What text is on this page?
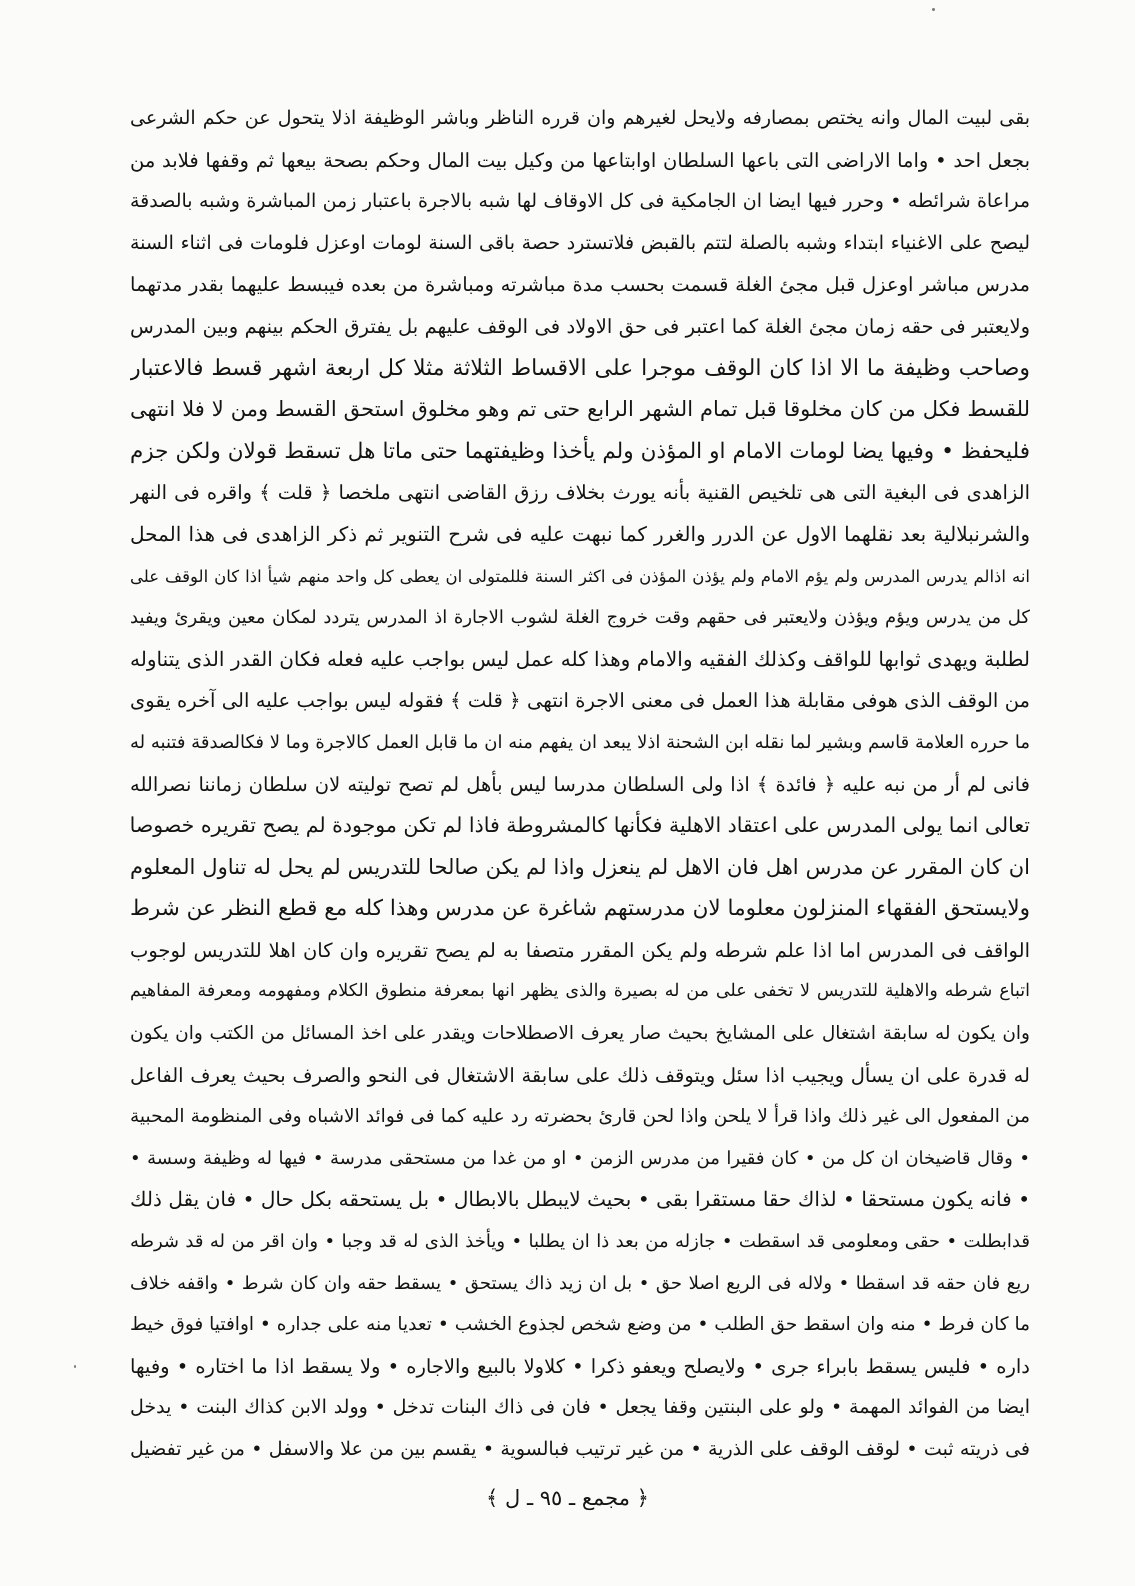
بقى لبيت المال وانه يختص بمصارفه ولايحل لغيرهم وان قرره الناظر وباشر الوظيفة اذلا يتحول عن حكم الشرعى
بجعل احد • واما الاراضى التى باعها السلطان اوابتاعها من وكيل بيت المال وحكم بصحة بيعها ثم وقفها فلابد من
مراعاة شرائطه • وحرر فيها ايضا ان الجامكية فى كل الاوقاف لها شبه بالاجرة باعتبار زمن المباشرة وشبه بالصدقة
ليصح على الاغنياء ابتداء وشبه بالصلة لتتم بالقبض فلاتسترد حصة باقى السنة لومات اوعزل فلومات فى اثناء السنة
مدرس مباشر اوعزل قبل مجئ الغلة قسمت بحسب مدة مباشرته ومباشرة من بعده فيبسط عليهما بقدر مدتهما
ولايعتبر فى حقه زمان مجئ الغلة كما اعتبر فى حق الاولاد فى الوقف عليهم بل يفترق الحكم بينهم وبين المدرس
وصاحب وظيفة ما الا اذا كان الوقف موجرا على الاقساط الثلاثة مثلا كل اربعة اشهر قسط فالاعتبار
للقسط فكل من كان مخلوقا قبل تمام الشهر الرابع حتى تم وهو مخلوق استحق القسط ومن لا فلا انتهى
فليحفظ • وفيها يضا لومات الامام او المؤذن ولم يأخذا وظيفتهما حتى ماتا هل تسقط قولان ولكن جزم
الزاهدى فى البغية التى هى تلخيص القنية بأنه يورث بخلاف رزق القاضى انتهى ملخصا ﴿ قلت ﴾ واقره فى النهر
والشرنبلالية بعد نقلهما الاول عن الدرر والغرر كما نبهت عليه فى شرح التنوير ثم ذكر الزاهدى فى هذا المحل
انه اذالم يدرس المدرس ولم يؤم الامام ولم يؤذن المؤذن فى اكثر السنة فللمتولى ان يعطى كل واحد منهم شيأ اذا كان الوقف على
كل من يدرس ويؤم ويؤذن ولايعتبر فى حقهم وقت خروج الغلة لشوب الاجارة اذ المدرس يتردد لمكان معين ويقرئ ويفيد
لطلبة ويهدى ثوابها للواقف وكذلك الفقيه والامام وهذا كله عمل ليس بواجب عليه فعله فكان القدر الذى يتناوله
من الوقف الذى هوفى مقابلة هذا العمل فى معنى الاجرة انتهى ﴿ قلت ﴾ فقوله ليس بواجب عليه الى آخره يقوى
ما حرره العلامة قاسم وبشير لما نقله ابن الشحنة اذلا يبعد ان يفهم منه ان ما قابل العمل كالاجرة وما لا فكالصدقة فتنبه له
فانى لم أر من نبه عليه ﴿ فائدة ﴾ اذا ولى السلطان مدرسا ليس بأهل لم تصح توليته لان سلطان زماننا نصرالله
تعالى انما يولى المدرس على اعتقاد الاهلية فكأنها كالمشروطة فاذا لم تكن موجودة لم يصح تقريره خصوصا
ان كان المقرر عن مدرس اهل فان الاهل لم ينعزل واذا لم يكن صالحا للتدريس لم يحل له تناول المعلوم
ولايستحق الفقهاء المنزلون معلوما لان مدرستهم شاغرة عن مدرس وهذا كله مع قطع النظر عن شرط
الواقف فى المدرس اما اذا علم شرطه ولم يكن المقرر متصفا به لم يصح تقريره وان كان اهلا للتدريس لوجوب
اتباع شرطه والاهلية للتدريس لا تخفى على من له بصيرة والذى يظهر انها بمعرفة منطوق الكلام ومفهومه ومعرفة المفاهيم
وان يكون له سابقة اشتغال على المشايخ بحيث صار يعرف الاصطلاحات ويقدر على اخذ المسائل من الكتب وان يكون
له قدرة على ان يسأل ويجيب اذا سئل ويتوقف ذلك على سابقة الاشتغال فى النحو والصرف بحيث يعرف الفاعل
من المفعول الى غير ذلك واذا قرأ لا يلحن واذا لحن قارئ بحضرته رد عليه كما فى فوائد الاشباه وفى المنظومة المحبية
• وقال قاضيخان ان كل من • كان فقيرا من مدرس الزمن • او من غدا من مستحقى مدرسة • فيها له وظيفة وسسة •
• فانه يكون مستحقا • لذاك حقا مستقرا بقى • بحيث لايبطل بالابطال • بل يستحقه بكل حال • فان يقل ذلك
قدابطلت • حقى ومعلومى قد اسقطت • جازله من بعد ذا ان يطلبا • ويأخذ الذى له قد وجبا • وان اقر من له قد شرطه
ريع فان حقه قد اسقطا • ولاله فى الريع اصلا حق • بل ان زيد ذاك يستحق • يسقط حقه وان كان شرط • واقفه خلاف
ما كان فرط • منه وان اسقط حق الطلب • من وضع شخص لجذوع الخشب • تعديا منه على جداره • اوافتيا فوق خيط
داره • فليس يسقط بابراء جرى • ولايصلح ويعفو ذكرا • كلاولا بالبيع والاجاره • ولا يسقط اذا ما اختاره • وفيها
ايضا من الفوائد المهمة • ولو على البنتين وقفا يجعل • فان فى ذاك البنات تدخل • وولد الابن كذاك البنت • يدخل
فى ذريته ثبت • لوقف الوقف على الذرية • من غير ترتيب فبالسوية • يقسم بين من علا والاسفل • من غير تفضيل
﴿ مجمع ـ ٩٥ ـ ل ﴾
